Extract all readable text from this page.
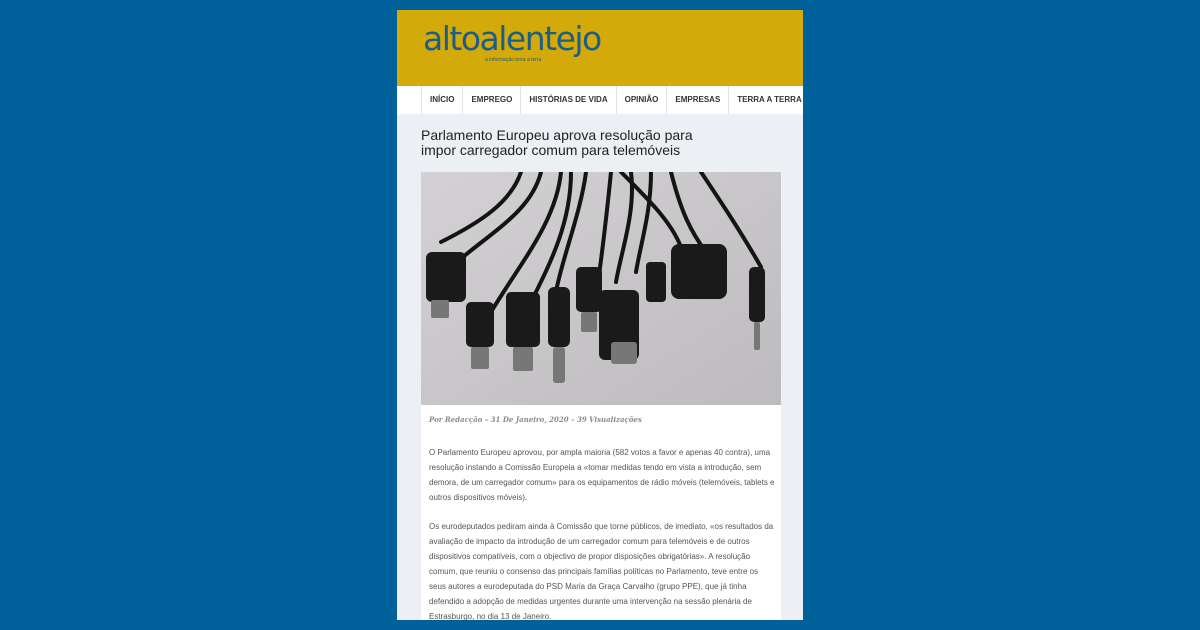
altoalentejo
a informação terra a terra
INÍCIO	EMPREGO	HISTÓRIAS DE VIDA	OPINIÃO	EMPRESAS	TERRA A TERRA
Parlamento Europeu aprova resolução para impor carregador comum para telemóveis
Por Redacção – 31 De Janeiro, 2020 – 39 Visualizações
O Parlamento Europeu aprovou, por ampla maioria (582 votos a favor e apenas 40 contra), uma resolução instando a Comissão Europeia a «tomar medidas tendo em vista a introdução, sem demora, de um carregador comum» para os equipamentos de rádio móveis (telemóveis, tablets e outros dispositivos móveis).
Os eurodeputados pediram ainda à Comissão que torne públicos, de imediato, «os resultados da avaliação de impacto da introdução de um carregador comum para telemóveis e de outros dispositivos compatíveis, com o objectivo de propor disposições obrigatórias». A resolução comum, que reuniu o consenso das principais famílias políticas no Parlamento, teve entre os seus autores a eurodeputada do PSD Maria da Graça Carvalho (grupo PPE), que já tinha defendido a adopção de medidas urgentes durante uma intervenção na sessão plenária de Estrasburgo, no dia 13 de Janeiro.
